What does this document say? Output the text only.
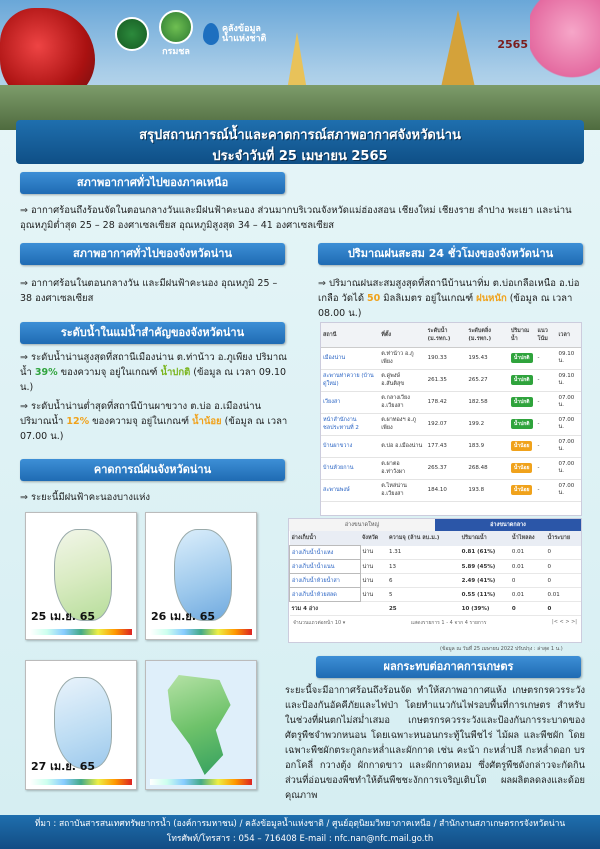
กรมชล
คลังข้อมูล
น้ำแห่งชาติ	2565
สรุปสถานการณ์น้ำและคาดการณ์สภาพอากาศจังหวัดน่าน
ประจำวันที่ 25 เมษายน 2565
สภาพอากาศทั่วไปของภาคเหนือ
⇒ อากาศร้อนถึงร้อนจัดในตอนกลางวันและมีฝนฟ้าคะนอง ส่วนมากบริเวณจังหวัดแม่ฮ่องสอน เชียงใหม่ เชียงราย ลำปาง พะเยา และน่าน อุณหภูมิต่ำสุด 25 – 28 องศาเซลเซียส อุณหภูมิสูงสุด 34 – 41 องศาเซลเซียส
สภาพอากาศทั่วไปของจังหวัดน่าน
⇒ อากาศร้อนในตอนกลางวัน และมีฝนฟ้าคะนอง อุณหภูมิ 25 – 38 องศาเซลเซียส
ระดับน้ำในแม่น้ำสำคัญของจังหวัดน่าน
⇒ ระดับน้ำน่านสูงสุดที่สถานีเมืองน่าน ต.ท่าน้าว อ.ภูเพียง ปริมาณน้ำ 39% ของความจุ อยู่ในเกณฑ์ น้ำปกติ (ข้อมูล ณ เวลา 09.10 น.)
⇒ ระดับน้ำน่านต่ำสุดที่สถานีบ้านผาขวาง ต.บ่อ อ.เมืองน่าน ปริมาณน้ำ 12% ของความจุ อยู่ในเกณฑ์ น้ำน้อย (ข้อมูล ณ เวลา 07.00 น.)
คาดการณ์ฝนจังหวัดน่าน
⇒ ระยะนี้มีฝนฟ้าคะนองบางแห่ง
25 เม.ย. 65	26 เม.ย. 65
27 เม.ย. 65
ปริมาณฝนสะสม 24 ชั่วโมงของจังหวัดน่าน
⇒ ปริมาณฝนสะสมสูงสุดที่สถานีบ้านนาทิ่ม ต.บ่อเกลือเหนือ อ.บ่อเกลือ วัดได้ 50 มิลลิเมตร อยู่ในเกณฑ์ ฝนหนัก (ข้อมูล ณ เวลา 08.00 น.)
สถานี	ที่ตั้ง	ระดับน้ำ (ม.รทก.)	ระดับตลิ่ง (ม.รทก.)	ปริมาณน้ำ	แนวโน้ม	เวลา
เมืองน่าน	ต.ท่าน้าว อ.ภูเพียง	190.33	195.43	น้ำปกติ	-	09.10 น.
สะพานท่าควาย (บ้านดู่ใหม่)	ต.ดู่พงษ์ อ.สันติสุข	261.35	265.27	น้ำปกติ	-	09.10 น.
เวียงสา	ต.กลางเวียง อ.เวียงสา	178.42	182.58	น้ำปกติ	-	07.00 น.
หน้าสำนักงานชลประทานที่ 2	ต.ผาทองฯ อ.ภูเพียง	192.07	199.2	น้ำปกติ	-	07.00 น.
บ้านผาขวาง	ต.บ่อ อ.เมืองน่าน	177.43	183.9	น้ำน้อย	-	07.00 น.
บ้านห้วยกาน	ต.ผาตอ อ.ท่าวังผา	265.37	268.48	น้ำน้อย	-	07.00 น.
สะพานพงษ์	ต.ไหล่น่าน อ.เวียงสา	184.10	193.8	น้ำน้อย	-	07.00 น.
อ่างขนาดใหญ่	อ่างขนาดกลาง
อ่างเก็บน้ำ	จังหวัด	ความจุ (ล้าน ลบ.ม.)	ปริมาณน้ำ	น้ำไหลลง	น้ำระบาย
อ่างเก็บน้ำน้ำแหง	น่าน	1.31	0.81 (61%)	0.01	0
อ่างเก็บน้ำน้ำแนน	น่าน	13	5.89 (45%)	0.01	0
อ่างเก็บน้ำห้วยน้ำสา	น่าน	6	2.49 (41%)	0	0
อ่างเก็บน้ำห้วยสลด	น่าน	5	0.55 (11%)	0.01	0.01
รวม 4 อ่าง		25	10 (39%)	0	0
จำนวนแถวต่อหน้า 10 ▾	แสดงรายการ 1 - 4 จาก 4 รายการ	|< < > >|
(ข้อมูล ณ วันที่ 25 เมษายน 2022 ปรับปรุง : ล่าสุด 1 น.)
ผลกระทบต่อภาคการเกษตร
ระยะนี้จะมีอากาศร้อนถึงร้อนจัด ทำให้สภาพอากาศแห้ง เกษตรกรควรระวังและป้องกันอัคคีภัยและไฟป่า โดยทำแนวกันไฟรอบพื้นที่การเกษตร สำหรับในช่วงที่ฝนตกไม่สม่ำเสมอ เกษตรกรควรระวังและป้องกันการระบาดของศัตรูพืชจำพวกหนอน โดยเฉพาะหนอนกระทู้ในพืชไร่ ไม้ผล และพืชผัก โดยเฉพาะพืชผักตระกูลกะหล่ำและผักกาด เช่น คะน้า กะหล่ำปลี กะหล่ำดอก บรอกโคลี่ กวางตุ้ง ผักกาดขาว และผักกาดหอม ซึ่งศัตรูพืชดังกล่าวจะกัดกินส่วนที่อ่อนของพืชทำให้ต้นพืชชะงักการเจริญเติบโต ผลผลิตลดลงและด้อยคุณภาพ
ที่มา : สถาบันสารสนเทศทรัพยากรน้ำ (องค์การมหาชน) / คลังข้อมูลน้ำแห่งชาติ / ศูนย์อุตุนิยมวิทยาภาคเหนือ / สำนักงานสภาเกษตรกรจังหวัดน่าน
โทรศัพท์/โทรสาร : 054 – 716408 E-mail : nfc.nan@nfc.mail.go.th
